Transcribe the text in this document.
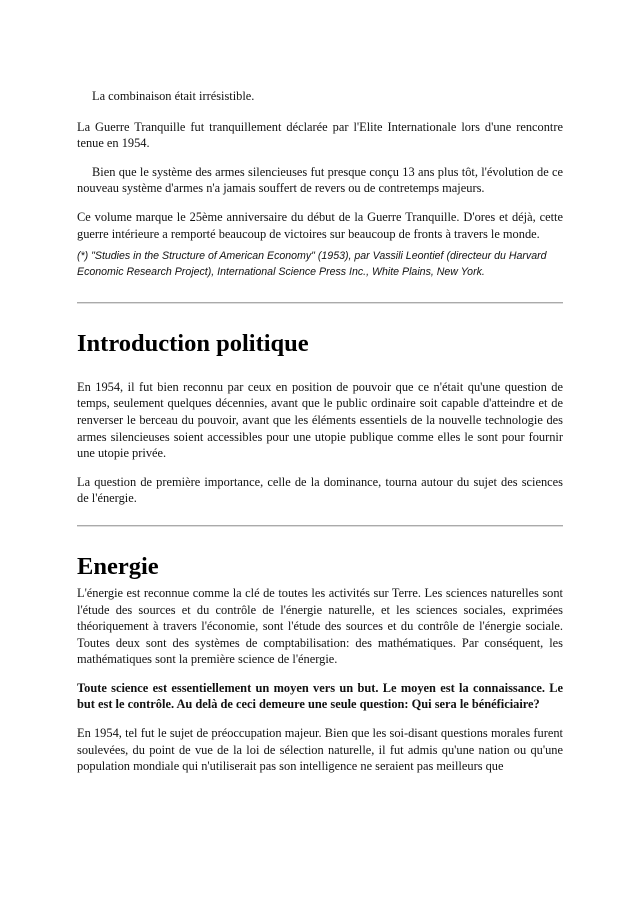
La combinaison était irrésistible.

La Guerre Tranquille fut tranquillement déclarée par l'Elite Internationale lors d'une rencontre tenue en 1954.

Bien que le système des armes silencieuses fut presque conçu 13 ans plus tôt, l'évolution de ce nouveau système d'armes n'a jamais souffert de revers ou de contretemps majeurs.

Ce volume marque le 25ème anniversaire du début de la Guerre Tranquille. D'ores et déjà, cette guerre intérieure a remporté beaucoup de victoires sur beaucoup de fronts à travers le monde.

(*) "Studies in the Structure of American Economy" (1953), par Vassili Leontief (directeur du Harvard Economic Research Project), International Science Press Inc., White Plains, New York.

Introduction politique

En 1954, il fut bien reconnu par ceux en position de pouvoir que ce n'était qu'une question de temps, seulement quelques décennies, avant que le public ordinaire soit capable d'atteindre et de renverser le berceau du pouvoir, avant que les éléments essentiels de la nouvelle technologie des armes silencieuses soient accessibles pour une utopie publique comme elles le sont pour fournir une utopie privée.

La question de première importance, celle de la dominance, tourna autour du sujet des sciences de l'énergie.

Energie

L'énergie est reconnue comme la clé de toutes les activités sur Terre. Les sciences naturelles sont l'étude des sources et du contrôle de l'énergie naturelle, et les sciences sociales, exprimées théoriquement à travers l'économie, sont l'étude des sources et du contrôle de l'énergie sociale. Toutes deux sont des systèmes de comptabilisation: des mathématiques. Par conséquent, les mathématiques sont la première science de l'énergie.

Toute science est essentiellement un moyen vers un but. Le moyen est la connaissance. Le but est le contrôle. Au delà de ceci demeure une seule question: Qui sera le bénéficiaire?

En 1954, tel fut le sujet de préoccupation majeur. Bien que les soi-disant questions morales furent soulevées, du point de vue de la loi de sélection naturelle, il fut admis qu'une nation ou qu'une population mondiale qui n'utiliserait pas son intelligence ne seraient pas meilleurs que
